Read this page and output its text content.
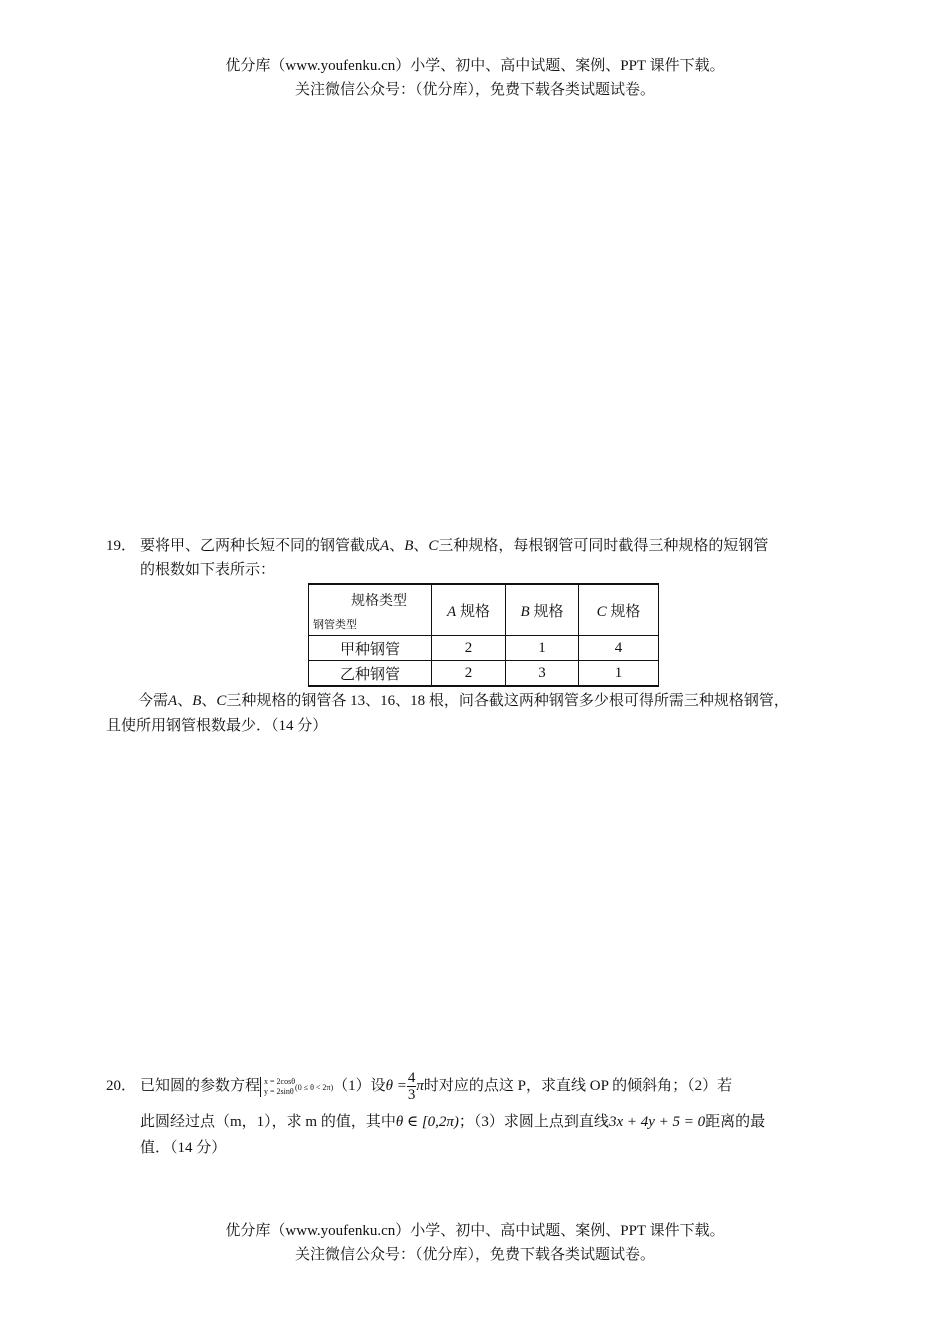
优分库（www.youfenku.cn）小学、初中、高中试题、案例、PPT 课件下载。
关注微信公众号：（优分库），免费下载各类试题试卷。
19． 要将甲、乙两种长短不同的钢管截成A、B、C三种规格，每根钢管可同时截得三种规格的短钢管
的根数如下表所示：
规格类型
钢管类型	A 规格	B 规格	C 规格
甲种钢管	2	1	4
乙种钢管	2	3	1
今需A、B、C三种规格的钢管各 13、16、18 根，问各截这两种钢管多少根可得所需三种规格钢管，
且使所用钢管根数最少．（14 分）
20． 已知圆的参数方程 x = 2cosθ
y = 2sinθ (0 ≤ θ < 2π)（1）设$\theta = \frac{4}{3}$ π时对应的点这 P，求直线 OP 的倾斜角；（2）若
此圆经过点（m，1），求 m 的值，其中θ ∈ [0,2π)；（3）求圆上点到直线3x + 4y + 5 = 0距离的最
值．（14 分）
优分库（www.youfenku.cn）小学、初中、高中试题、案例、PPT 课件下载。
关注微信公众号：（优分库），免费下载各类试题试卷。
